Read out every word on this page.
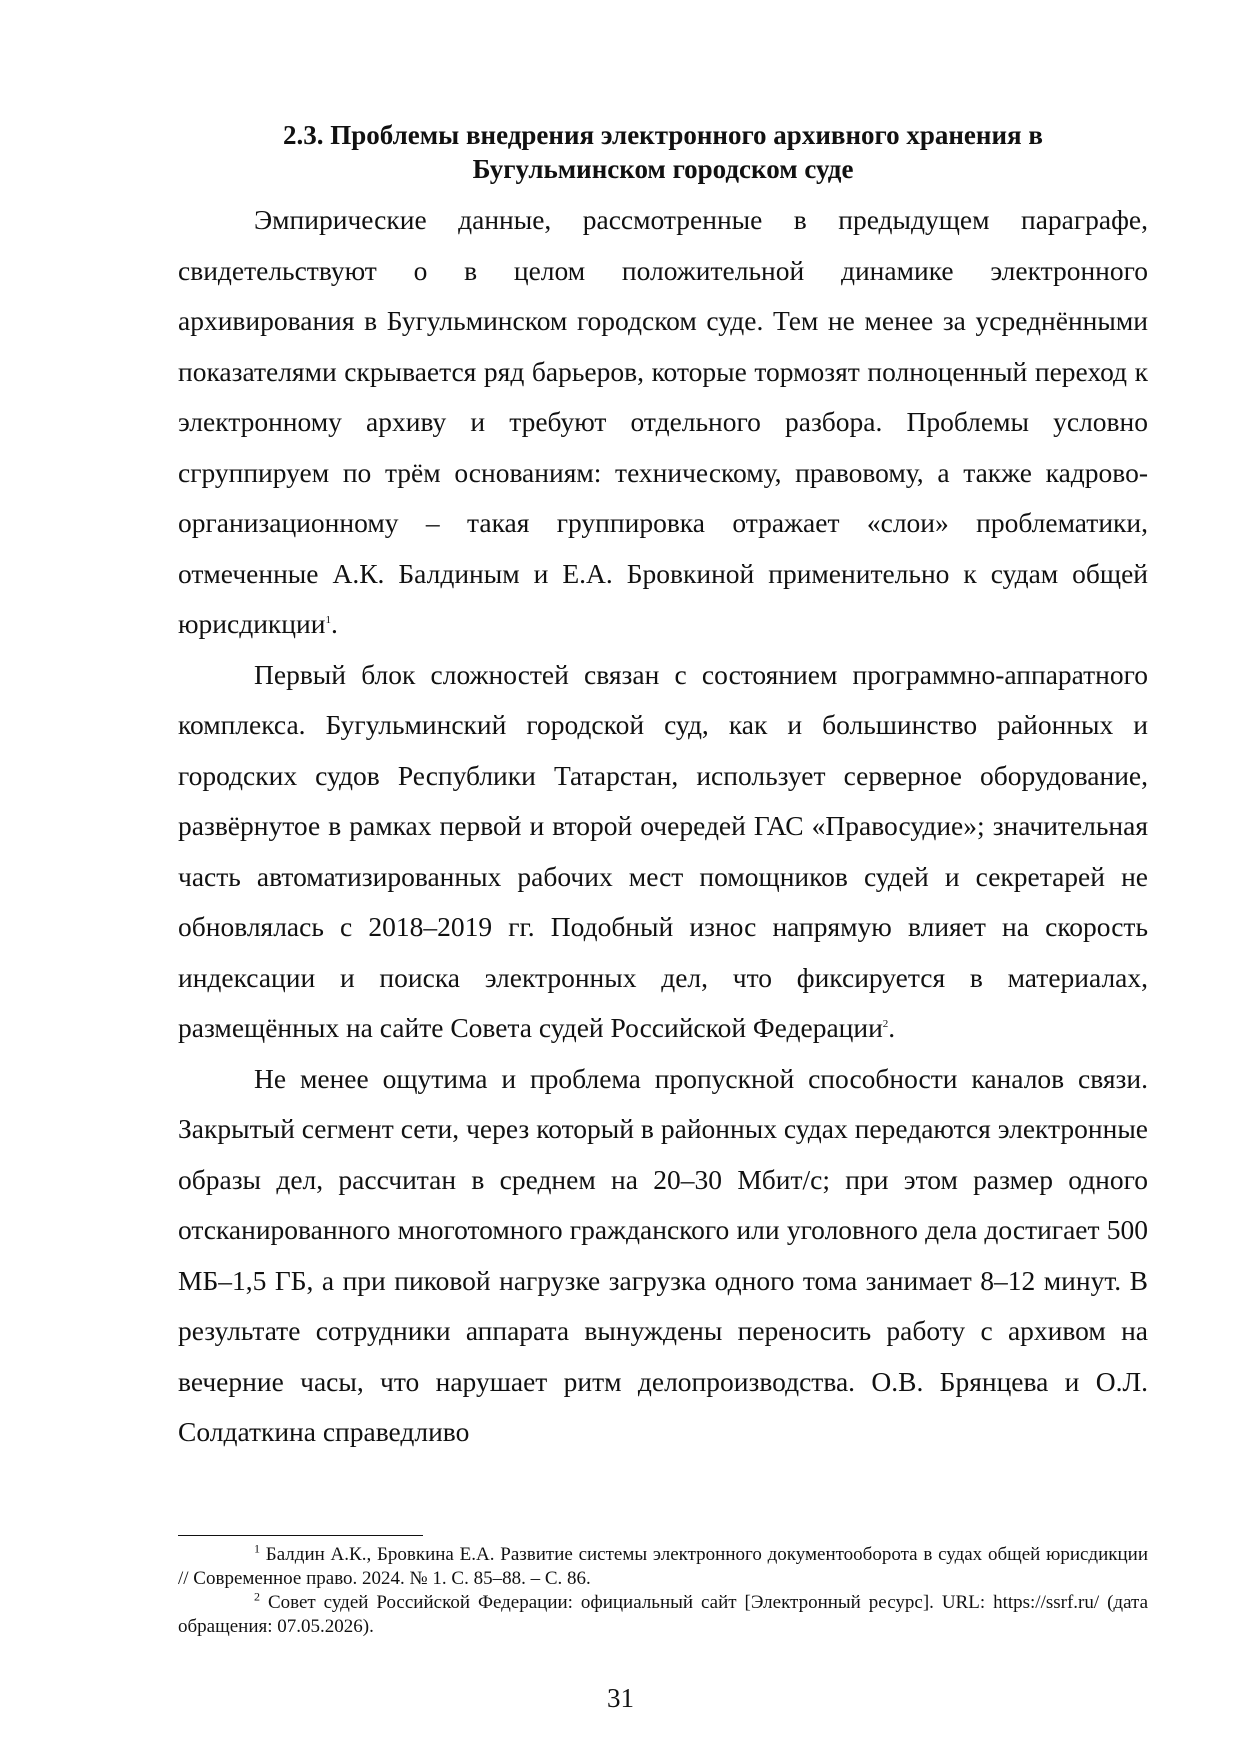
2.3. Проблемы внедрения электронного архивного хранения в
Бугульминском городском суде

Эмпирические данные, рассмотренные в предыдущем параграфе, свидетельствуют о в целом положительной динамике электронного архивирования в Бугульминском городском суде. Тем не менее за усреднёнными показателями скрывается ряд барьеров, которые тормозят полноценный переход к электронному архиву и требуют отдельного разбора. Проблемы условно сгруппируем по трём основаниям: техническому, правовому, а также кадрово-организационному – такая группировка отражает «слои» проблематики, отмеченные А.К. Балдиным и Е.А. Бровкиной применительно к судам общей юрисдикции$^1$.

Первый блок сложностей связан с состоянием программно-аппаратного комплекса. Бугульминский городской суд, как и большинство районных и городских судов Республики Татарстан, использует серверное оборудование, развёрнутое в рамках первой и второй очередей ГАС «Правосудие»; значительная часть автоматизированных рабочих мест помощников судей и секретарей не обновлялась с 2018–2019 гг. Подобный износ напрямую влияет на скорость индексации и поиска электронных дел, что фиксируется в материалах, размещённых на сайте Совета судей Российской Федерации$^2$.

Не менее ощутима и проблема пропускной способности каналов связи. Закрытый сегмент сети, через который в районных судах передаются электронные образы дел, рассчитан в среднем на 20–30 Мбит/с; при этом размер одного отсканированного многотомного гражданского или уголовного дела достигает 500 МБ–1,5 ГБ, а при пиковой нагрузке загрузка одного тома занимает 8–12 минут. В результате сотрудники аппарата вынуждены переносить работу с архивом на вечерние часы, что нарушает ритм делопроизводства. О.В. Брянцева и О.Л. Солдаткина справедливо

$^1$ Балдин А.К., Бровкина Е.А. Развитие системы электронного документооборота в судах общей юрисдикции // Современное право. 2024. № 1. С. 85–88. – С. 86.

$^2$ Совет судей Российской Федерации: официальный сайт [Электронный ресурс]. URL: https://ssrf.ru/ (дата обращения: 07.05.2026).

31
